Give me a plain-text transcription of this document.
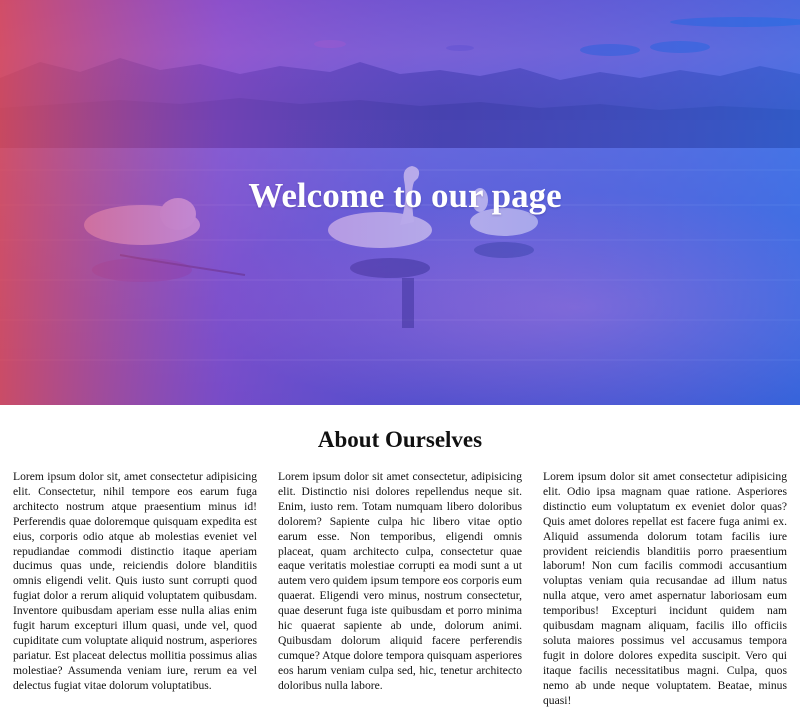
Welcome to our page
About Ourselves

Lorem ipsum dolor sit, amet consectetur adipisicing elit. Consectetur, nihil tempore eos earum fuga architecto nostrum atque praesentium minus id! Perferendis quae doloremque quisquam expedita est eius, corporis odio atque ab molestias eveniet vel repudiandae commodi distinctio itaque aperiam ducimus quas unde, reiciendis dolore blanditiis omnis eligendi velit. Quis iusto sunt corrupti quod fugiat dolor a rerum aliquid voluptatem quibusdam. Inventore quibusdam aperiam esse nulla alias enim fugit harum excepturi illum quasi, unde vel, quod cupiditate cum voluptate aliquid nostrum, asperiores pariatur. Est placeat delectus mollitia possimus alias molestiae? Assumenda veniam iure, rerum ea vel delectus fugiat vitae dolorum voluptatibus.

Lorem ipsum dolor sit amet consectetur, adipisicing elit. Distinctio nisi dolores repellendus neque sit. Enim, iusto rem. Totam numquam libero doloribus dolorem? Sapiente culpa hic libero vitae optio earum esse. Non temporibus, eligendi omnis placeat, quam architecto culpa, consectetur quae eaque veritatis molestiae corrupti ea modi sunt a ut autem vero quidem ipsum tempore eos corporis eum quaerat. Eligendi vero minus, nostrum consectetur, quae deserunt fuga iste quibusdam et porro minima hic quaerat sapiente ab unde, dolorum animi. Quibusdam dolorum aliquid facere perferendis cumque? Atque dolore tempora quisquam asperiores eos harum veniam culpa sed, hic, tenetur architecto doloribus nulla labore.

Lorem ipsum dolor sit amet consectetur adipisicing elit. Odio ipsa magnam quae ratione. Asperiores distinctio eum voluptatum ex eveniet dolor quas? Quis amet dolores repellat est facere fuga animi ex. Aliquid assumenda dolorum totam facilis iure provident reiciendis blanditiis porro praesentium laborum! Non cum facilis commodi accusantium voluptas veniam quia recusandae ad illum natus nulla atque, vero amet aspernatur laboriosam eum temporibus! Excepturi incidunt quidem nam quibusdam magnam aliquam, facilis illo officiis soluta maiores possimus vel accusamus tempora fugit in dolore dolores expedita suscipit. Vero qui itaque facilis necessitatibus magni. Culpa, quos nemo ab unde neque voluptatem. Beatae, minus quasi!
